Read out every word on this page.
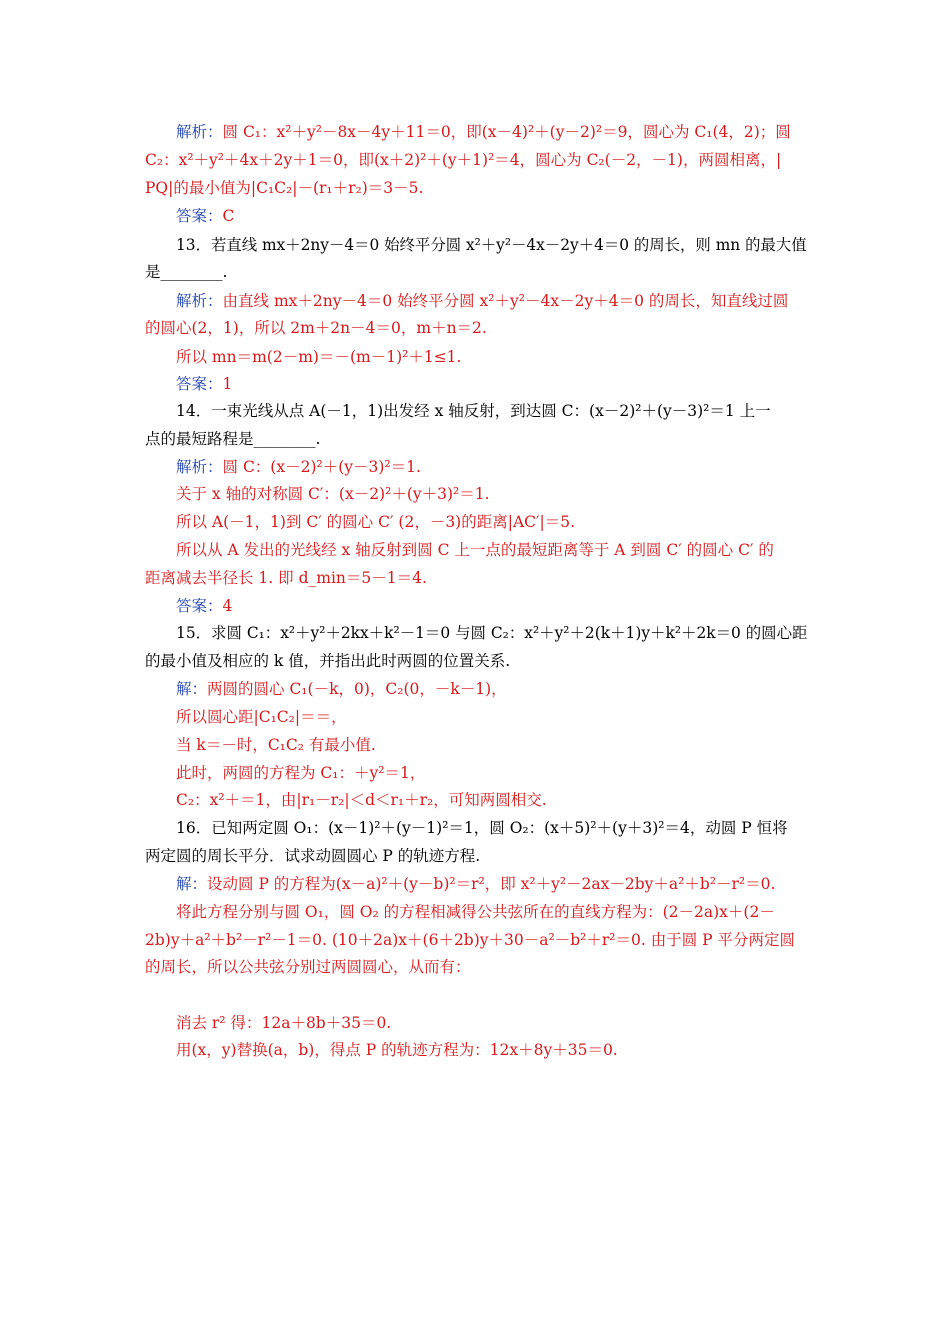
解析：圆 C₁：x²＋y²－8x－4y＋11＝0，即(x－4)²＋(y－2)²＝9，圆心为 C₁(4，2)；圆
C₂：x²＋y²＋4x＋2y＋1＝0，即(x＋2)²＋(y＋1)²＝4，圆心为 C₂(－2，－1)，两圆相离，|
PQ|的最小值为|C₁C₂|－(r₁＋r₂)＝3－5.
答案：C
13．若直线 mx＋2ny－4＝0 始终平分圆 x²＋y²－4x－2y＋4＝0 的周长，则 mn 的最大值
是________.
解析：由直线 mx＋2ny－4＝0 始终平分圆 x²＋y²－4x－2y＋4＝0 的周长，知直线过圆
的圆心(2，1)，所以 2m＋2n－4＝0，m＋n＝2.
所以 mn＝m(2－m)＝－(m－1)²＋1≤1.
答案：1
14．一束光线从点 A(－1，1)出发经 x 轴反射，到达圆 C：(x－2)²＋(y－3)²＝1 上一
点的最短路程是________.
解析：圆 C：(x－2)²＋(y－3)²＝1.
关于 x 轴的对称圆 C′：(x－2)²＋(y＋3)²＝1.
所以 A(－1，1)到 C′ 的圆心 C′ (2，－3)的距离|AC′|＝5.
所以从 A 发出的光线经 x 轴反射到圆 C 上一点的最短距离等于 A 到圆 C′ 的圆心 C′ 的
距离减去半径长 1. 即 d_min＝5－1＝4.
答案：4
15．求圆 C₁：x²＋y²＋2kx＋k²－1＝0 与圆 C₂：x²＋y²＋2(k＋1)y＋k²＋2k＝0 的圆心距
的最小值及相应的 k 值，并指出此时两圆的位置关系.
解：两圆的圆心 C₁(－k，0)，C₂(0，－k－1)，
所以圆心距|C₁C₂|＝＝，
当 k＝－时，C₁C₂ 有最小值.
此时，两圆的方程为 C₁：＋y²＝1，
C₂：x²＋＝1，由|r₁－r₂|＜d＜r₁＋r₂，可知两圆相交.
16．已知两定圆 O₁：(x－1)²＋(y－1)²＝1，圆 O₂：(x＋5)²＋(y＋3)²＝4，动圆 P 恒将
两定圆的周长平分．试求动圆圆心 P 的轨迹方程.
解：设动圆 P 的方程为(x－a)²＋(y－b)²＝r²，即 x²＋y²－2ax－2by＋a²＋b²－r²＝0.
将此方程分别与圆 O₁，圆 O₂ 的方程相减得公共弦所在的直线方程为：(2－2a)x＋(2－
2b)y＋a²＋b²－r²－1＝0. (10＋2a)x＋(6＋2b)y＋30－a²－b²＋r²＝0. 由于圆 P 平分两定圆
的周长，所以公共弦分别过两圆圆心，从而有：
消去 r² 得：12a＋8b＋35＝0.
用(x，y)替换(a，b)，得点 P 的轨迹方程为：12x＋8y＋35＝0.
